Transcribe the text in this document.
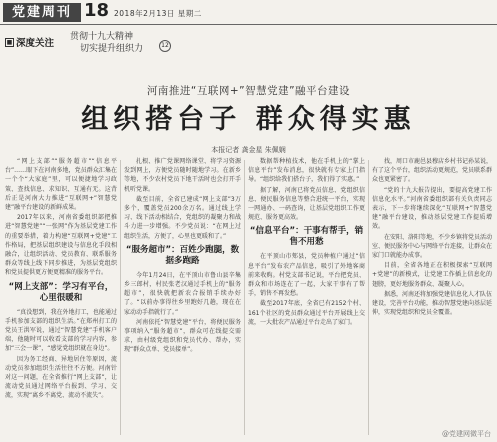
党建周刊 18 2018年2月13日 星期二
■ 深度关注
贯彻十九大精神
切实提升组织力	12
河南推进“互联网+”智慧党建”融平台建设
组织搭台子 群众得实惠
本报记者 龚金星 朱佩娴

“网上支部”“服务超市”“信息平台”……眼下在河南多地，党员群众汇集在一个个“大家庭”里，可以便捷地学习政策、查找信息、求知识、互通有无。这背后正是河南大力推进“互联网+”智慧党建”融平台建设的新鲜成果。

2017年以来，河南省委组织部把推进“智慧党建”“一张网”作为基层党建工作的重要举措，着力构建“互联网+党建”工作格局，把基层组织建设与信息化手段相融合，让组织活动、党员教育、联系服务群众等线上线下同步推进，为基层党组织和党员提供更方便更精准的服务平台。

“网上支部”：学习有平台，心里很暖和

“真没想到，我在外地打工，也能通过手机参加支部的组织生活。”在郑州打工的党员王洪军说，通过“智慧党建”手机客户端，他随时可以收看支部的学习内容，参加“三会一课”，“感觉党组织就在身边”。

因为务工经商、异地居住等原因，流动党员参加组织生活往往不方便。河南针对这一问题，在全省推行“网上支部”，让流动党员通过网络平台报到、学习、交流，实现“离乡不离党、流动不流失”。

扎根、推广党课网络课堂、将学习资源发到网上，方便党员随时随地学习。在新乡等地，不少农村党员下地干活时也会打开手机听党课。

截至目前，全省已建成“网上支部”3万多个，覆盖党员200余万名。通过线上学习、线下活动相结合，党组织的凝聚力和战斗力进一步增强。不少党员说：“在网上过组织生活，方便了，心里也更暖和了。”

“服务超市”：百姓少跑腿，数据多跑路

今年1月24日，在平顶山市鲁山县辛集乡三郎村，村民张老汉通过手机上的“服务超市”，很快就把新农合报销手续办好了。“以前办事得往乡里跑好几趟，现在在家动动手指就行了。”

河南依托“智慧党建”平台，将便民服务事项纳入“服务超市”，群众可在线提交需求，由村级党组织和党员代办、帮办，实现“群众点单、党员接单”。

数据帮种植技术，他在手机上的“掌上信息平台”发布消息，很快就有专家上门指导。“组织给我们搭台子，我们得了实惠。”

据了解，河南已将党员信息、党组织信息、便民服务信息等整合进统一平台，实现一网通办、一码查询，让基层党组织工作更规范、服务更高效。

“信息平台”：干事有帮手，销售不用愁

在平顶山市郏县，党员种植户通过“信息平台”发布农产品信息，吸引了外地客商前来收购。村党支部书记说，平台把党员、群众和市场连在了一起，大家干事有了帮手，销售不再发愁。

截至2017年底，全省已有2152个村、161个社区的党员群众通过平台开展线上交流，一大批农产品通过平台走出了家门。

找，周口市鹿邑县穆店乡村书记孙某说，有了这个平台，组织活动更规范，党员联系群众也更紧密了。

“党的十九大报告提出，要提高党建工作信息化水平。”河南省委组织部有关负责同志表示，下一步将继续深化“互联网+”智慧党建”融平台建设，推动基层党建工作提质增效。

在安阳、洛阳等地，不少乡镇将党员活动室、便民服务中心与网络平台连接，让群众在家门口就能办成事。

目前，全省各地正在积极探索“互联网+党建”的新模式，让党建工作插上信息化的翅膀，更好地服务群众、凝聚人心。

据悉，河南还将加强党建信息化人才队伍建设，完善平台功能，推动智慧党建向基层延伸，实现党组织和党员全覆盖。

@党建网微平台
